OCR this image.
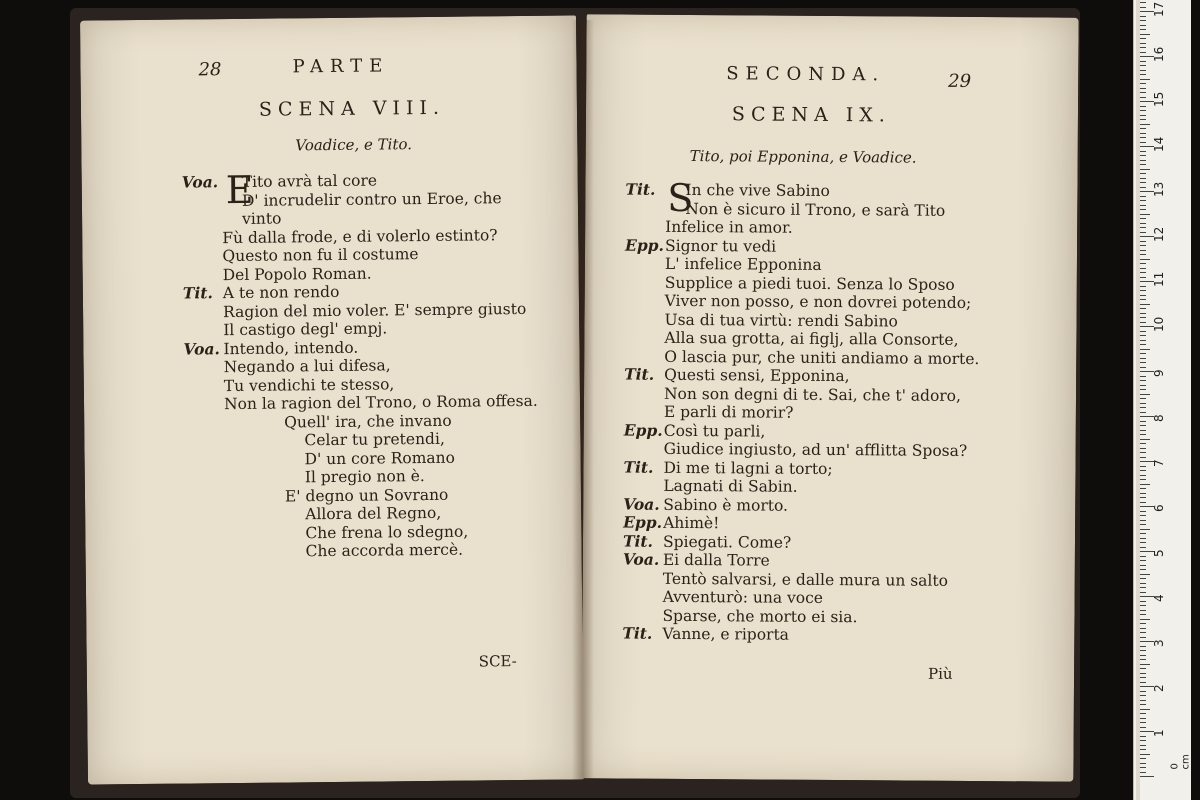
28	PARTE
SCENA VIII.
Voadice, e Tito.
E
Voa.	Tito avrà tal core
D' incrudelir contro un Eroe, che
vinto
Fù dalla frode, e di volerlo estinto?
Questo non fu il costume
Del Popolo Roman.
Tit. A te non rendo
Ragion del mio voler. E' sempre giusto
Il castigo degl' empj.
Voa. Intendo, intendo.
Negando a lui difesa,
Tu vendichi te stesso,
Non la ragion del Trono, o Roma offesa.
Quell' ira, che invano
Celar tu pretendi,
D' un core Romano
Il pregio non è.
E' degno un Sovrano
Allora del Regno,
Che frena lo sdegno,
Che accorda mercè.
SCE-
SECONDA.	29
SCENA IX.
Tito, poi Epponina, e Voadice.
S
Tit.	In che vive Sabino
Non è sicuro il Trono, e sarà Tito
Infelice in amor.
Epp. Signor tu vedi
L' infelice Epponina
Supplice a piedi tuoi. Senza lo Sposo
Viver non posso, e non dovrei potendo;
Usa di tua virtù: rendi Sabino
Alla sua grotta, ai figlj, alla Consorte,
O lascia pur, che uniti andiamo a morte.
Tit. Questi sensi, Epponina,
Non son degni di te. Sai, che t' adoro,
E parli di morir?
Epp. Così tu parli,
Giudice ingiusto, ad un' afflitta Sposa?
Tit. Di me ti lagni a torto;
Lagnati di Sabin.
Voa. Sabino è morto.
Epp. Ahimè!
Tit. Spiegati. Come?
Voa. Ei dalla Torre
Tentò salvarsi, e dalle mura un salto
Avventurò: una voce
Sparse, che morto ei sia.
Tit. Vanne, e riporta
Più
0 cm
1
2
3
4
5
6
7
8
9
10
11
12
13
14
15
16
17
